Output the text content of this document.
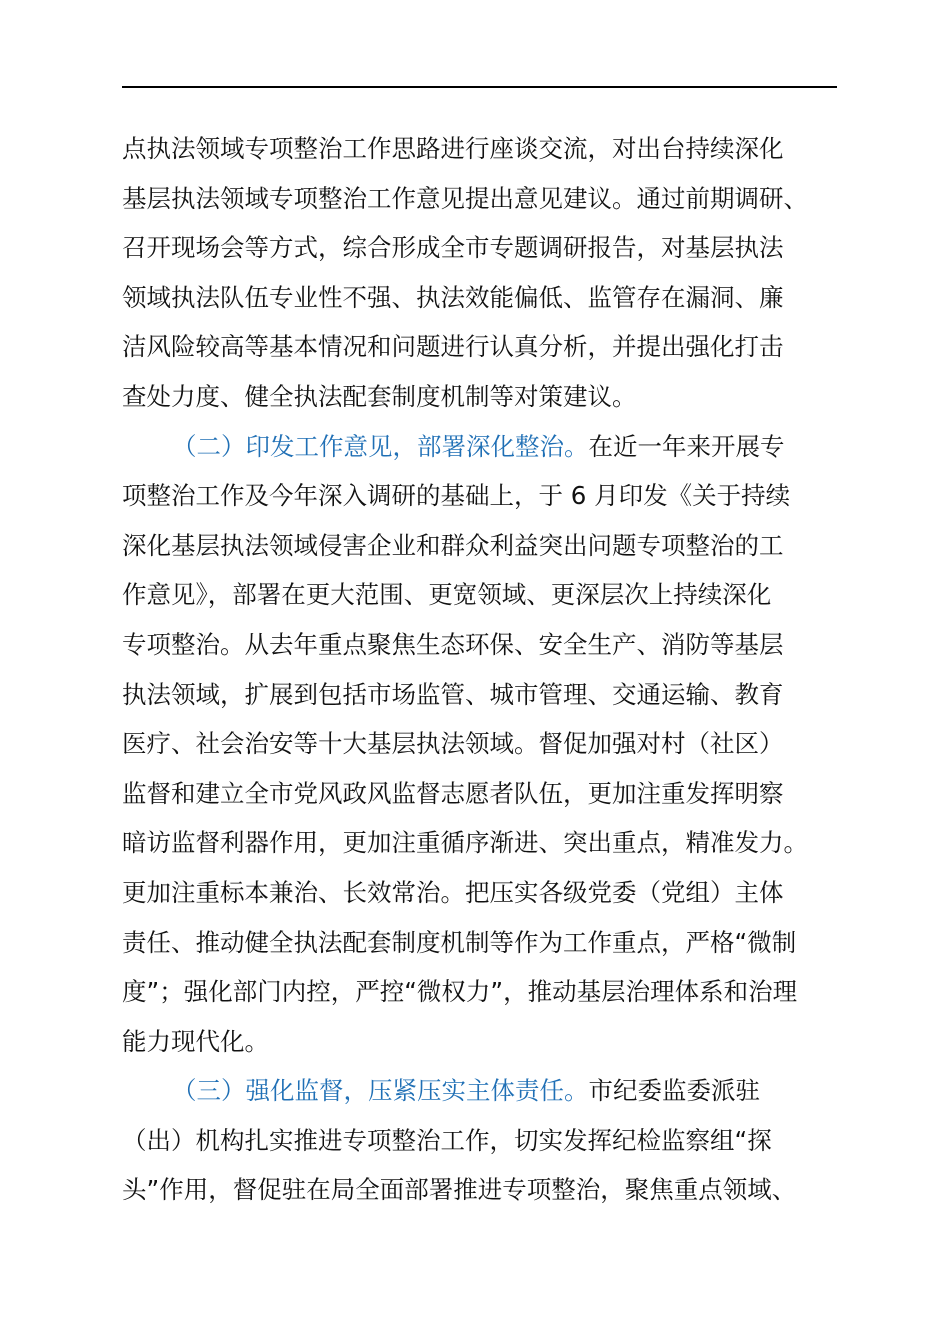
点执法领域专项整治工作思路进行座谈交流，对出台持续深化
基层执法领域专项整治工作意见提出意见建议。通过前期调研、
召开现场会等方式，综合形成全市专题调研报告，对基层执法
领域执法队伍专业性不强、执法效能偏低、监管存在漏洞、廉
洁风险较高等基本情况和问题进行认真分析，并提出强化打击
查处力度、健全执法配套制度机制等对策建议。
（二）印发工作意见，部署深化整治。在近一年来开展专
项整治工作及今年深入调研的基础上，于 6 月印发《关于持续
深化基层执法领域侵害企业和群众利益突出问题专项整治的工
作意见》，部署在更大范围、更宽领域、更深层次上持续深化
专项整治。从去年重点聚焦生态环保、安全生产、消防等基层
执法领域，扩展到包括市场监管、城市管理、交通运输、教育
医疗、社会治安等十大基层执法领域。督促加强对村（社区）
监督和建立全市党风政风监督志愿者队伍，更加注重发挥明察
暗访监督利器作用，更加注重循序渐进、突出重点，精准发力。
更加注重标本兼治、长效常治。把压实各级党委（党组）主体
责任、推动健全执法配套制度机制等作为工作重点，严格“微制
度”；强化部门内控，严控“微权力”，推动基层治理体系和治理
能力现代化。
（三）强化监督，压紧压实主体责任。市纪委监委派驻
（出）机构扎实推进专项整治工作，切实发挥纪检监察组“探
头”作用，督促驻在局全面部署推进专项整治，聚焦重点领域、
